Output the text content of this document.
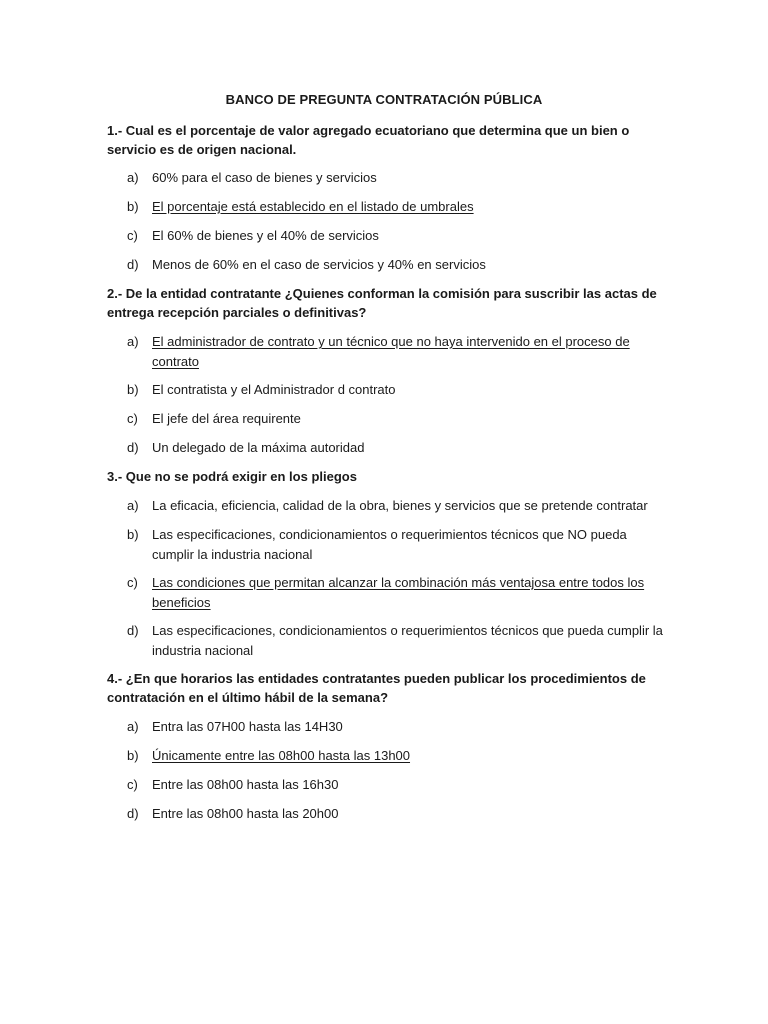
BANCO DE PREGUNTA CONTRATACIÓN PÚBLICA
1.- Cual es el porcentaje de valor agregado ecuatoriano que determina que un bien o servicio es de origen nacional.
a)	60% para el caso de bienes y servicios
b)	El porcentaje está establecido en el listado de umbrales
c)	El 60% de bienes y el 40% de servicios
d)	Menos de 60% en el caso de servicios y 40% en servicios
2.- De la entidad contratante ¿Quienes conforman la comisión para suscribir las actas de entrega recepción parciales o definitivas?
a)	El administrador de contrato y un técnico que no haya intervenido en el proceso de contrato
b)	El contratista y el Administrador d contrato
c)	El jefe del área requirente
d)	Un delegado de la máxima autoridad
3.- Que no se podrá exigir en los pliegos
a)	La eficacia, eficiencia, calidad de la obra, bienes y servicios que se pretende contratar
b)	Las especificaciones, condicionamientos o requerimientos técnicos que NO pueda cumplir la industria nacional
c)	Las condiciones que permitan alcanzar la combinación más ventajosa entre todos los beneficios
d)	Las especificaciones, condicionamientos o requerimientos técnicos que pueda cumplir la industria nacional
4.- ¿En que horarios las entidades contratantes pueden publicar los procedimientos de contratación en el último hábil de la semana?
a)	Entra las 07H00 hasta las 14H30
b)	Únicamente entre las 08h00 hasta las 13h00
c)	Entre las 08h00 hasta las 16h30
d)	Entre las 08h00 hasta las 20h00
